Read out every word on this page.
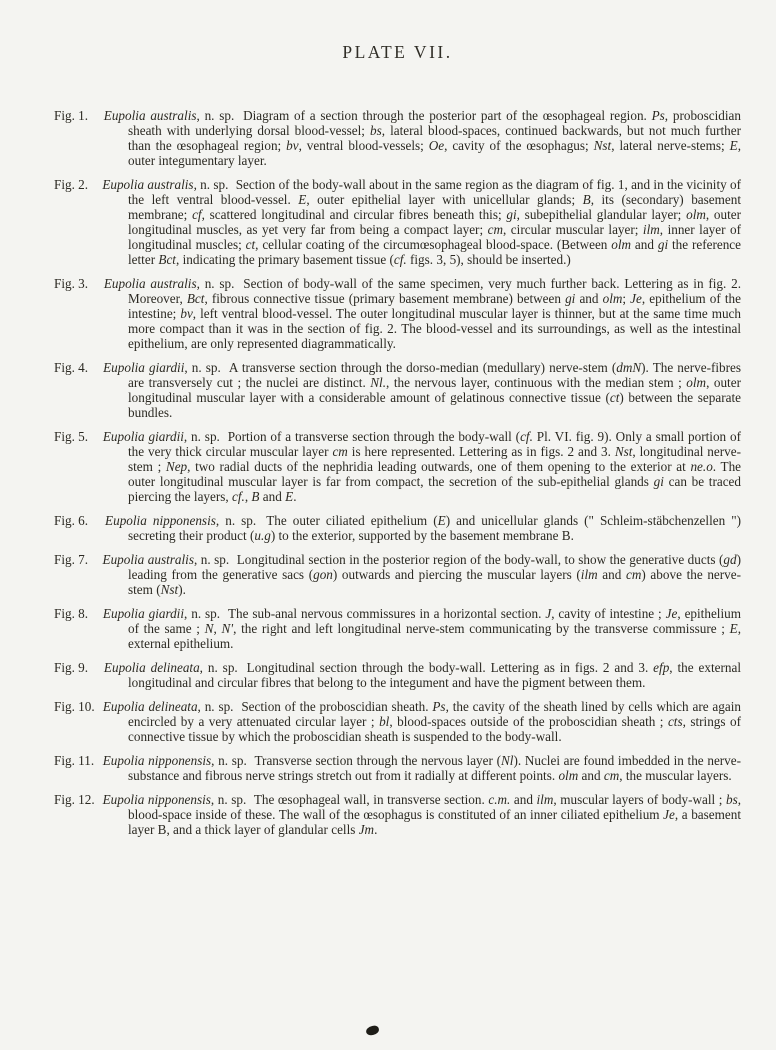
PLATE VII.

Fig. 1. Eupolia australis, n. sp. Diagram of a section through the posterior part of the œsophageal region. Ps, proboscidian sheath with underlying dorsal blood-vessel; bs, lateral blood-spaces, continued backwards, but not much further than the œsophageal region; bv, ventral blood-vessels; Oe, cavity of the œsophagus; Nst, lateral nerve-stems; E, outer integumentary layer.

Fig. 2. Eupolia australis, n. sp. Section of the body-wall about in the same region as the diagram of fig. 1, and in the vicinity of the left ventral blood-vessel. E, outer epithelial layer with unicellular glands; B, its (secondary) basement membrane; cf, scattered longitudinal and circular fibres beneath this; gi, subepithelial glandular layer; olm, outer longitudinal muscles, as yet very far from being a compact layer; cm, circular muscular layer; ilm, inner layer of longitudinal muscles; ct, cellular coating of the circumœsophageal blood-space. (Between olm and gi the reference letter Bct, indicating the primary basement tissue (cf. figs. 3, 5), should be inserted.)

Fig. 3. Eupolia australis, n. sp. Section of body-wall of the same specimen, very much further back. Lettering as in fig. 2. Moreover, Bct, fibrous connective tissue (primary basement membrane) between gi and olm; Je, epithelium of the intestine; bv, left ventral blood-vessel. The outer longitudinal muscular layer is thinner, but at the same time much more compact than it was in the section of fig. 2. The blood-vessel and its surroundings, as well as the intestinal epithelium, are only represented diagrammatically.

Fig. 4. Eupolia giardii, n. sp. A transverse section through the dorso-median (medullary) nerve-stem (dmN). The nerve-fibres are transversely cut ; the nuclei are distinct. Nl., the nervous layer, continuous with the median stem ; olm, outer longitudinal muscular layer with a considerable amount of gelatinous connective tissue (ct) between the separate bundles.

Fig. 5. Eupolia giardii, n. sp. Portion of a transverse section through the body-wall (cf. Pl. VI. fig. 9). Only a small portion of the very thick circular muscular layer cm is here represented. Lettering as in figs. 2 and 3. Nst, longitudinal nerve-stem ; Nep, two radial ducts of the nephridia leading outwards, one of them opening to the exterior at ne.o. The outer longitudinal muscular layer is far from compact, the secretion of the sub-epithelial glands gi can be traced piercing the layers, cf., B and E.

Fig. 6. Eupolia nipponensis, n. sp. The outer ciliated epithelium (E) and unicellular glands (" Schleim-stäbchenzellen ") secreting their product (u.g) to the exterior, supported by the basement membrane B.

Fig. 7. Eupolia australis, n. sp. Longitudinal section in the posterior region of the body-wall, to show the generative ducts (gd) leading from the generative sacs (gon) outwards and piercing the muscular layers (ilm and cm) above the nerve-stem (Nst).

Fig. 8. Eupolia giardii, n. sp. The sub-anal nervous commissures in a horizontal section. J, cavity of intestine ; Je, epithelium of the same ; N, N', the right and left longitudinal nerve-stem communicating by the transverse commissure ; E, external epithelium.

Fig. 9. Eupolia delineata, n. sp. Longitudinal section through the body-wall. Lettering as in figs. 2 and 3. efp, the external longitudinal and circular fibres that belong to the integument and have the pigment between them.

Fig. 10. Eupolia delineata, n. sp. Section of the proboscidian sheath. Ps, the cavity of the sheath lined by cells which are again encircled by a very attenuated circular layer ; bl, blood-spaces outside of the proboscidian sheath ; cts, strings of connective tissue by which the proboscidian sheath is suspended to the body-wall.

Fig. 11. Eupolia nipponensis, n. sp. Transverse section through the nervous layer (Nl). Nuclei are found imbedded in the nerve-substance and fibrous nerve strings stretch out from it radially at different points. olm and cm, the muscular layers.

Fig. 12. Eupolia nipponensis, n. sp. The œsophageal wall, in transverse section. c.m. and ilm, muscular layers of body-wall ; bs, blood-space inside of these. The wall of the œsophagus is constituted of an inner ciliated epithelium Je, a basement layer B, and a thick layer of glandular cells Jm.
